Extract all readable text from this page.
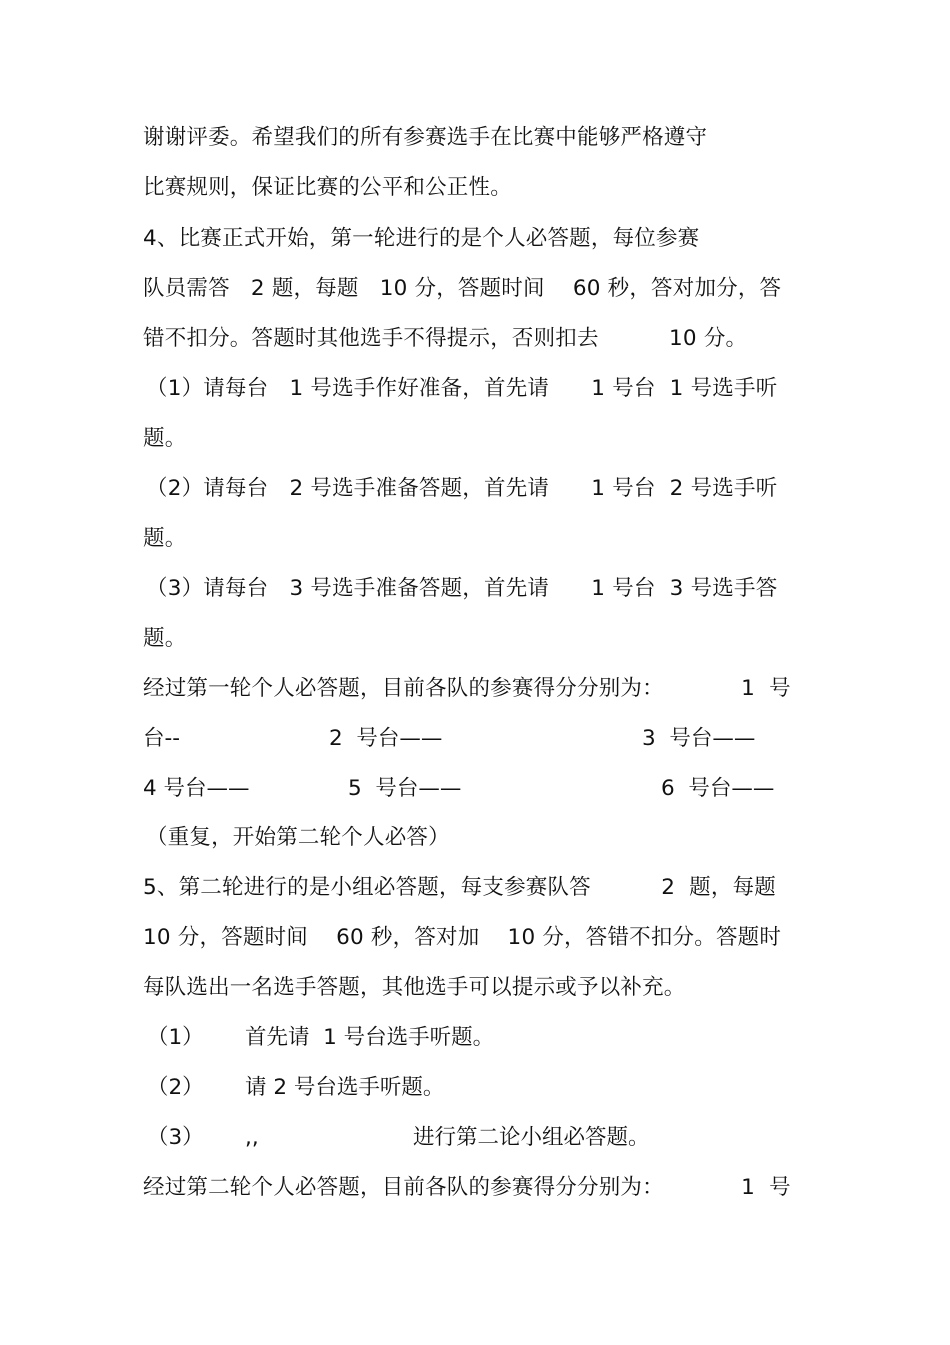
谢谢评委。希望我们的所有参赛选手在比赛中能够严格遵守
比赛规则，保证比赛的公平和公正性。
4、比赛正式开始，第一轮进行的是个人必答题，每位参赛
队员需答   2 题，每题   10 分，答题时间    60 秒，答对加分，答
错不扣分。答题时其他选手不得提示，否则扣去          10 分。
（1）请每台   1 号选手作好准备，首先请      1 号台  1 号选手听
题。
（2）请每台   2 号选手准备答题，首先请      1 号台  2 号选手听
题。
（3）请每台   3 号选手准备答题，首先请      1 号台  3 号选手答
题。
经过第一轮个人必答题，目前各队的参赛得分分别为：           1  号
台--	2  号台——	3  号台——
4 号台——	5  号台——	6  号台——
（重复，开始第二轮个人必答）
5、第二轮进行的是小组必答题，每支参赛队答          2  题，每题
10 分，答题时间    60 秒，答对加    10 分，答错不扣分。答题时
每队选出一名选手答题，其他选手可以提示或予以补充。
（1） 首先请  1 号台选手听题。
（2） 请 2 号台选手听题。
（3） ,,	进行第二论小组必答题。
经过第二轮个人必答题，目前各队的参赛得分分别为：           1  号
